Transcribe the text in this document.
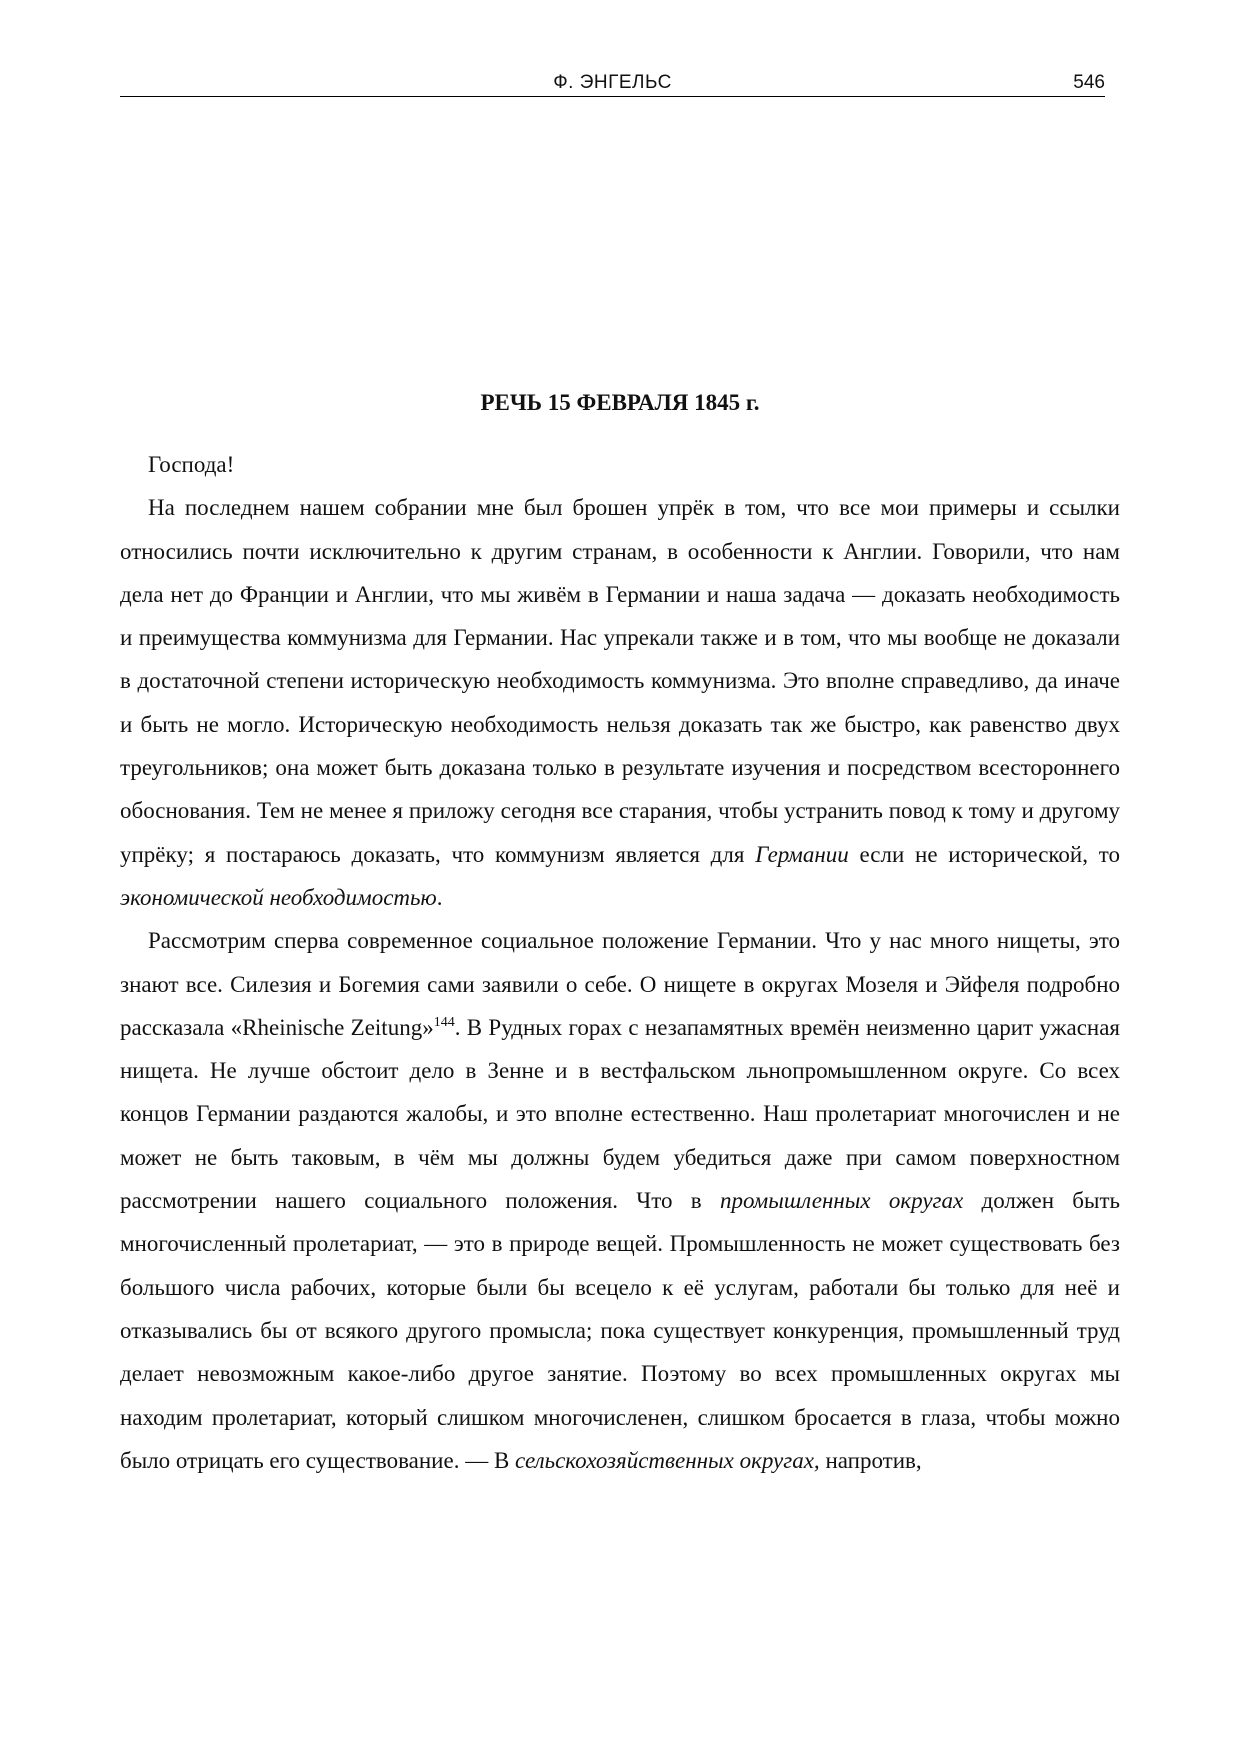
Ф. ЭНГЕЛЬС	546
РЕЧЬ 15 ФЕВРАЛЯ 1845 г.

Господа!

На последнем нашем собрании мне был брошен упрёк в том, что все мои примеры и ссылки относились почти исключительно к другим странам, в особенности к Англии. Говорили, что нам дела нет до Франции и Англии, что мы живём в Германии и наша задача — доказать необходимость и преимущества коммунизма для Германии. Нас упрекали также и в том, что мы вообще не доказали в достаточной степени историческую необходимость коммунизма. Это вполне справедливо, да иначе и быть не могло. Историческую необходимость нельзя доказать так же быстро, как равенство двух треугольников; она может быть доказана только в результате изучения и посредством всестороннего обоснования. Тем не менее я приложу сегодня все старания, чтобы устранить повод к тому и другому упрёку; я постараюсь доказать, что коммунизм является для Германии если не исторической, то экономической необходимостью.

Рассмотрим сперва современное социальное положение Германии. Что у нас много нищеты, это знают все. Силезия и Богемия сами заявили о себе. О нищете в округах Мозеля и Эйфеля подробно рассказала «Rheinische Zeitung»$^{144}$. В Рудных горах с незапамятных времён неизменно царит ужасная нищета. Не лучше обстоит дело в Зенне и в вестфальском льнопромышленном округе. Со всех концов Германии раздаются жалобы, и это вполне естественно. Наш пролетариат многочислен и не может не быть таковым, в чём мы должны будем убедиться даже при самом поверхностном рассмотрении нашего социального положения. Что в промышленных округах должен быть многочисленный пролетариат, — это в природе вещей. Промышленность не может существовать без большого числа рабочих, которые были бы всецело к её услугам, работали бы только для неё и отказывались бы от всякого другого промысла; пока существует конкуренция, промышленный труд делает невозможным какое-либо другое занятие. Поэтому во всех промышленных округах мы находим пролетариат, который слишком многочисленен, слишком бросается в глаза, чтобы можно было отрицать его существование. — В сельскохозяйственных округах, напротив,
